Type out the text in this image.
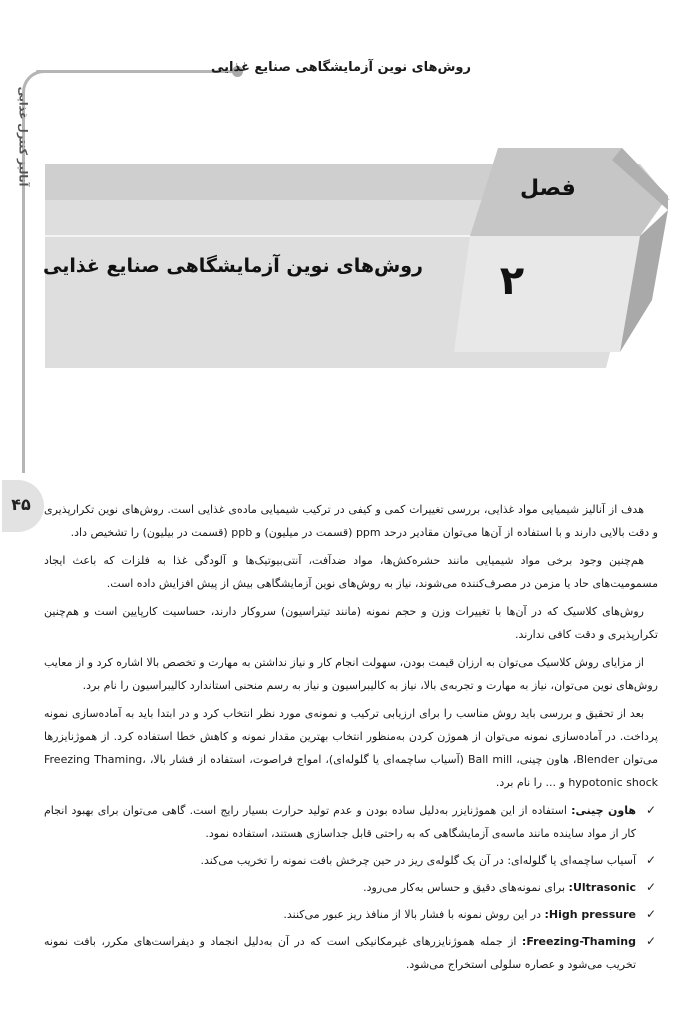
روش‌های نوین آزمایشگاهی صنایع غذایی
آنالیز کنترل غذایی
۴۵
فصل
۲
روش‌های نوین آزمایشگاهی صنایع غذایی

هدف از آنالیز شیمیایی مواد غذایی، بررسی تغییرات کمی و کیفی در ترکیب شیمیایی ماده‌ی غذایی است. روش‌های نوین تکرارپذیری و دقت بالایی دارند و با استفاده از آن‌ها می‌توان مقادیر درحد ppm (قسمت در میلیون) و ppb (قسمت در بیلیون) را تشخیص داد.

هم‌چنین وجود برخی مواد شیمیایی مانند حشره‌کش‌ها، مواد ضدآفت، آنتی‌بیوتیک‌ها و آلودگی غذا به فلزات که باعث ایجاد مسمومیت‌های حاد یا مزمن در مصرف‌کننده می‌شوند، نیاز به روش‌های نوین آزمایشگاهی بیش از پیش افزایش داده است.

روش‌های کلاسیک که در آن‌ها با تغییرات وزن و حجم نمونه (مانند تیتراسیون) سروکار دارند، حساسیت کارپایین است و هم‌چنین تکرارپذیری و دقت کافی ندارند.

از مزایای روش کلاسیک می‌توان به ارزان قیمت بودن، سهولت انجام کار و نیاز نداشتن به مهارت و تخصص بالا اشاره کرد و از معایب روش‌های نوین می‌توان، نیاز به مهارت و تجربه‌ی بالا، نیاز به کالیبراسیون و نیاز به رسم منحنی استاندارد کالیبراسیون را نام برد.

بعد از تحقیق و بررسی باید روش مناسب را برای ارزیابی ترکیب و نمونه‌ی مورد نظر انتخاب کرد و در ابتدا باید به آماده‌سازی نمونه پرداخت. در آماده‌سازی نمونه می‌توان از هموژن کردن به‌منظور انتخاب بهترین مقدار نمونه و کاهش خطا استفاده کرد. از هموژنایزرها می‌توان Blender، هاون چینی، Ball mill (آسیاب ساچمه‌ای یا گلوله‌ای)، امواج فراصوت، استفاده از فشار بالا، Freezing Thaming، hypotonic shock و ... را نام برد.

✓
هاون چینی: استفاده از این هموژنایزر به‌دلیل ساده بودن و عدم تولید حرارت بسیار رایج است. گاهی می‌توان برای بهبود انجام کار از مواد ساینده مانند ماسه‌ی آزمایشگاهی که به راحتی قابل جداسازی هستند، استفاده نمود.
✓
آسیاب ساچمه‌ای یا گلوله‌ای: در آن یک گلوله‌ی ریز در حین چرخش بافت نمونه را تخریب می‌کند.
✓
Ultrasonic: برای نمونه‌های دقیق و حساس به‌کار می‌رود.
✓
High pressure: در این روش نمونه با فشار بالا از منافذ ریز عبور می‌کنند.
✓
Freezing-Thaming: از جمله هموژنایزرهای غیرمکانیکی است که در آن به‌دلیل انجماد و دیفراست‌های مکرر، بافت نمونه تخریب می‌شود و عصاره سلولی استخراج می‌شود.
